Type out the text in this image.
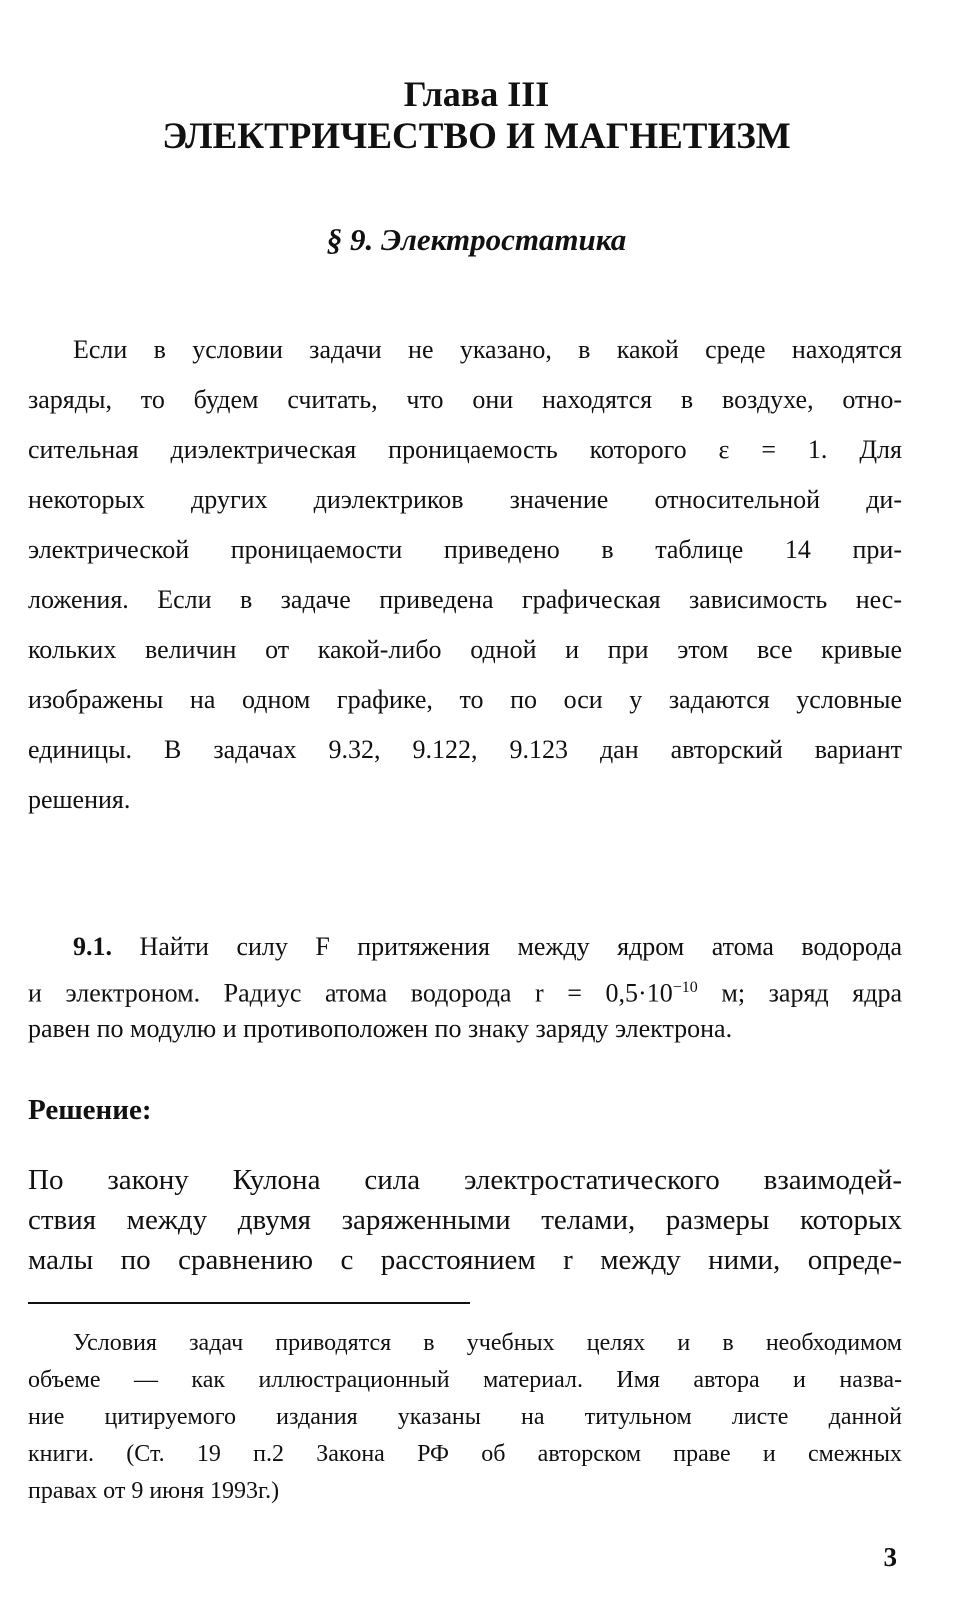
Глава III
ЭЛЕКТРИЧЕСТВО И МАГНЕТИЗМ
§ 9. Электростатика
Если в условии задачи не указано, в какой среде находятся
заряды, то будем считать, что они находятся в воздухе, отно-
сительная диэлектрическая проницаемость которого ε = 1. Для
некоторых других диэлектриков значение относительной ди-
электрической проницаемости приведено в таблице 14 при-
ложения. Если в задаче приведена графическая зависимость нес-
кольких величин от какой-либо одной и при этом все кривые
изображены на одном графике, то по оси y задаются условные
единицы. В задачах 9.32, 9.122, 9.123 дан авторский вариант
решения.
9.1. Найти силу F притяжения между ядром атома водорода
и электроном. Радиус атома водорода $r = 0,5\cdot 10^{-10}$ м; заряд ядра
равен по модулю и противоположен по знаку заряду электрона.
Решение:
По закону Кулона сила электростатического взаимодей-
ствия между двумя заряженными телами, размеры которых
малы по сравнению с расстоянием r между ними, опреде-
Условия задач приводятся в учебных целях и в необходимом
объеме — как иллюстрационный материал. Имя автора и назва-
ние цитируемого издания указаны на титульном листе данной
книги. (Ст. 19 п.2 Закона РФ об авторском праве и смежных
правах от 9 июня 1993г.)
3
